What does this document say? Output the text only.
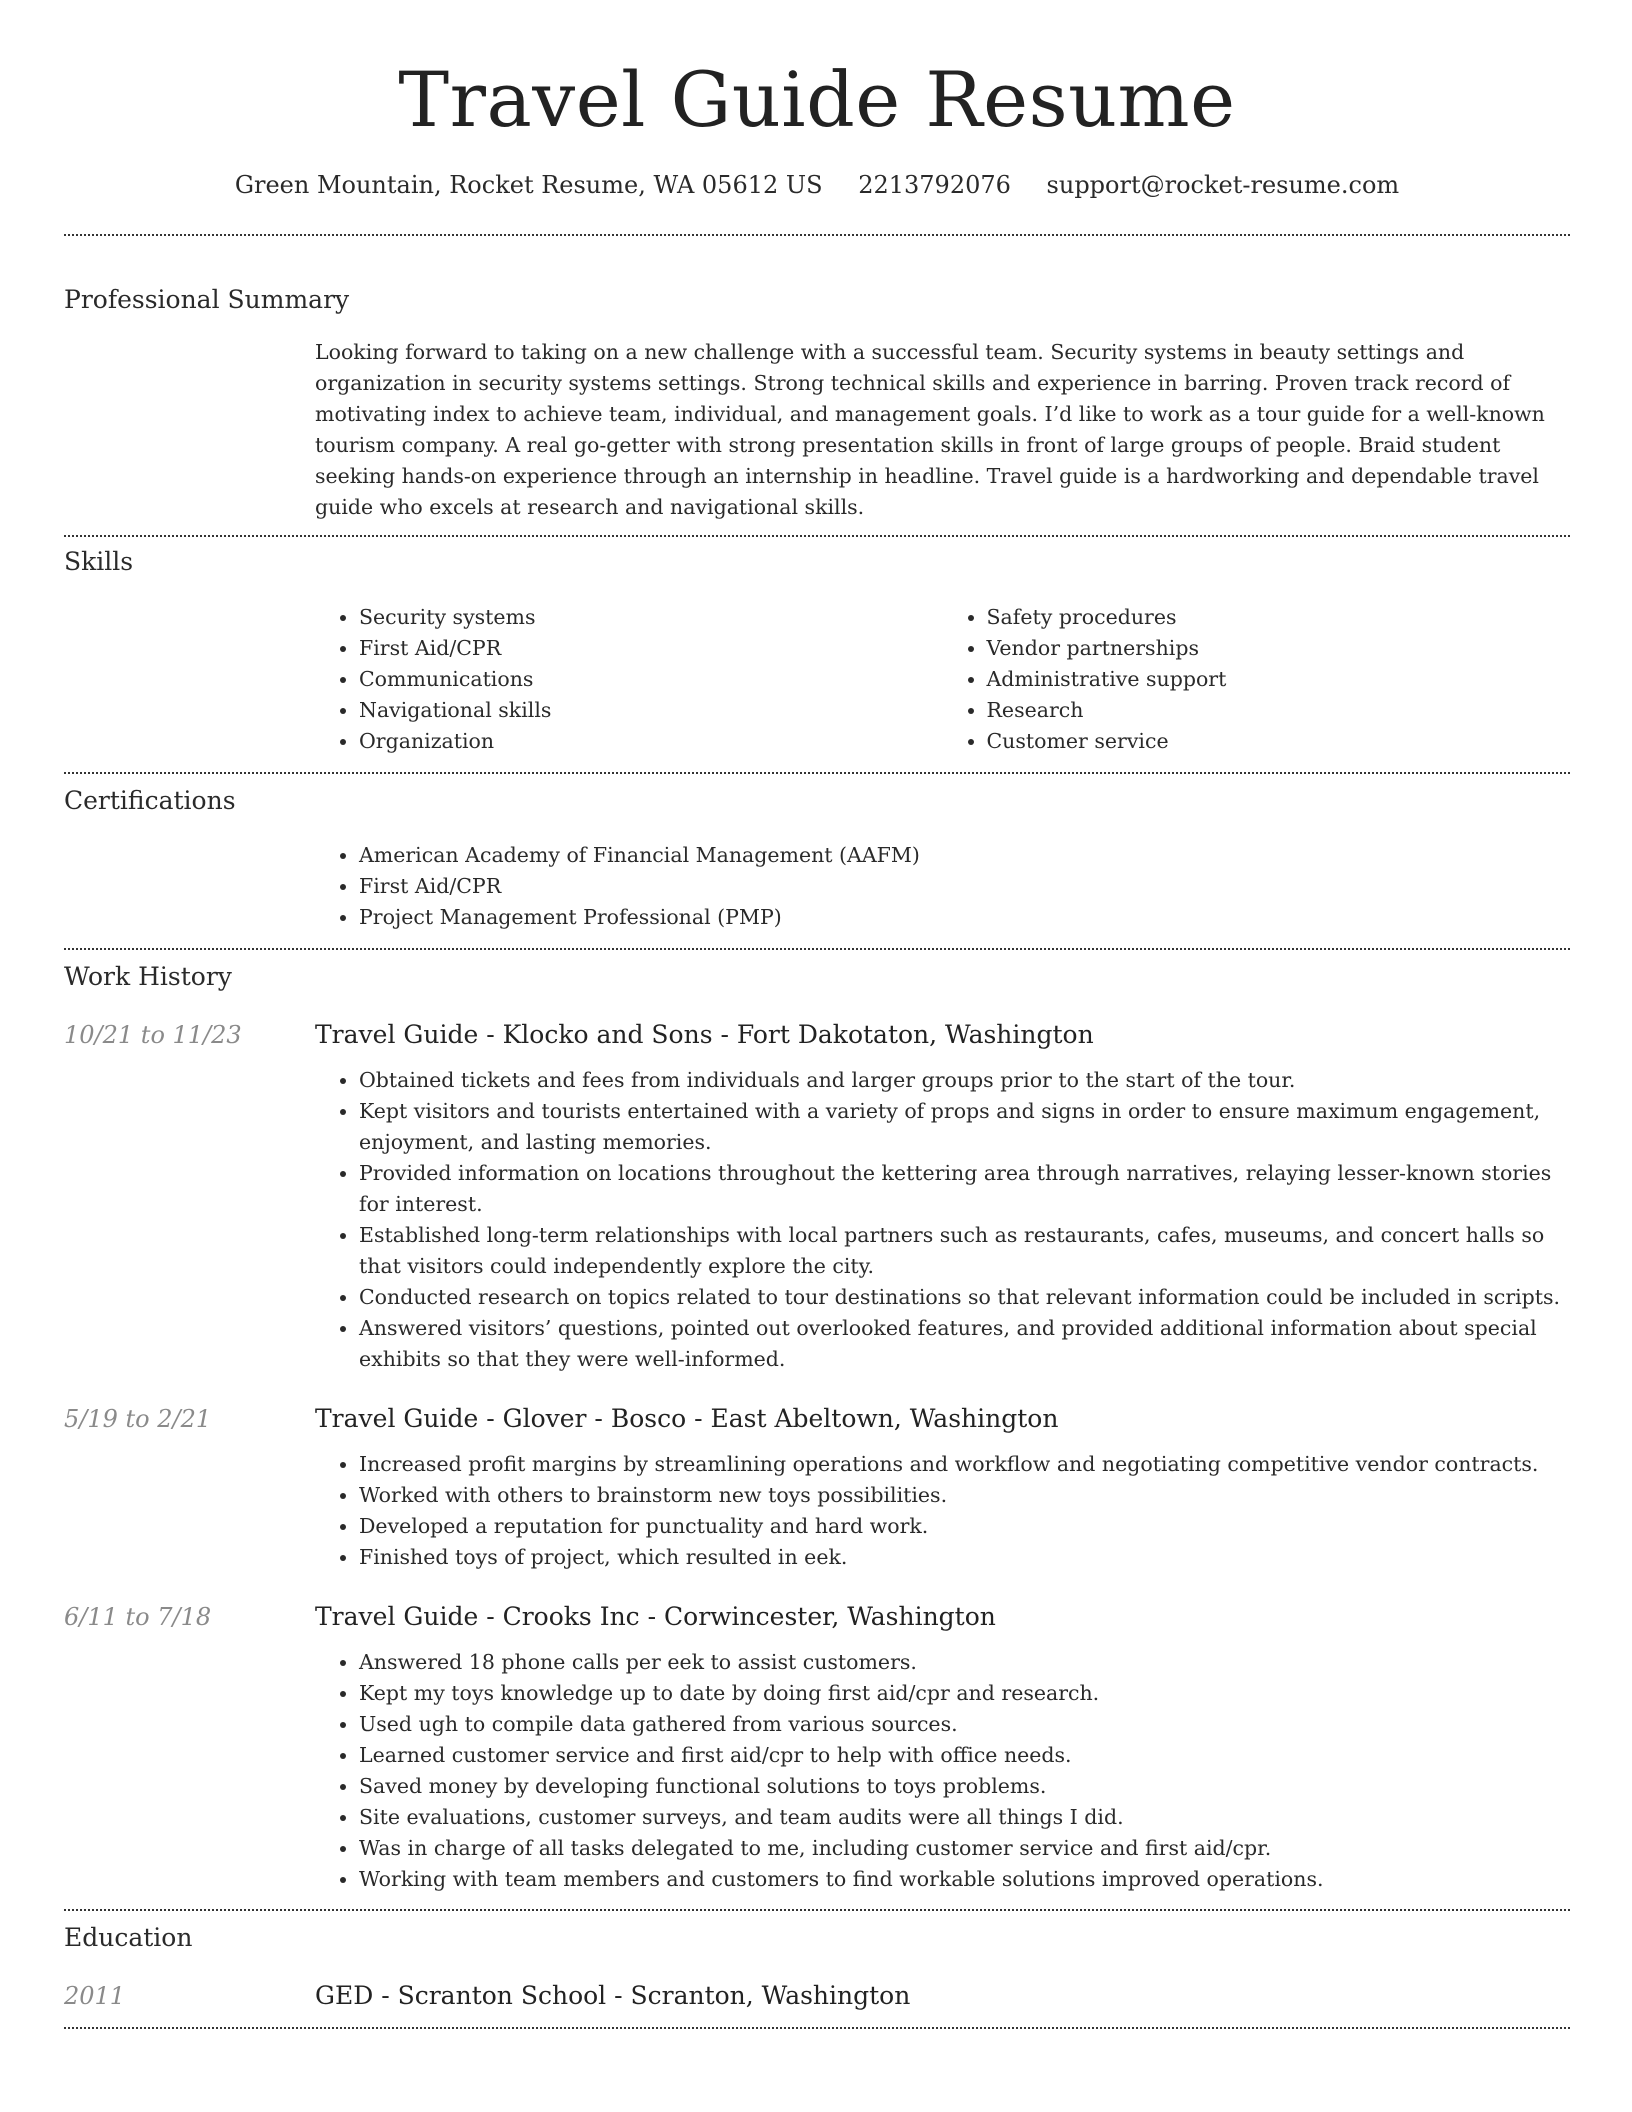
Travel Guide Resume
Green Mountain, Rocket Resume, WA 05612 US 2213792076 support@rocket-resume.com
Professional Summary

Looking forward to taking on a new challenge with a successful team. Security systems in beauty settings and organization in security systems settings. Strong technical skills and experience in barring. Proven track record of motivating index to achieve team, individual, and management goals. I’d like to work as a tour guide for a well-known tourism company. A real go-getter with strong presentation skills in front of large groups of people. Braid student seeking hands-on experience through an internship in headline. Travel guide is a hardworking and dependable travel guide who excels at research and navigational skills.

Skills
• Security systems
• First Aid/CPR
• Communications
• Navigational skills
• Organization
• Safety procedures
• Vendor partnerships
• Administrative support
• Research
• Customer service
Certifications
• American Academy of Financial Management (AAFM)
• First Aid/CPR
• Project Management Professional (PMP)
Work History
10/21 to 11/23	Travel Guide - Klocko and Sons - Fort Dakotaton, Washington
• Obtained tickets and fees from individuals and larger groups prior to the start of the tour.
• Kept visitors and tourists entertained with a variety of props and signs in order to ensure maximum engagement, enjoyment, and lasting memories.
• Provided information on locations throughout the kettering area through narratives, relaying lesser-known stories for interest.
• Established long-term relationships with local partners such as restaurants, cafes, museums, and concert halls so that visitors could independently explore the city.
• Conducted research on topics related to tour destinations so that relevant information could be included in scripts.
• Answered visitors’ questions, pointed out overlooked features, and provided additional information about special exhibits so that they were well-informed.
5/19 to 2/21	Travel Guide - Glover - Bosco - East Abeltown, Washington
• Increased profit margins by streamlining operations and workflow and negotiating competitive vendor contracts.
• Worked with others to brainstorm new toys possibilities.
• Developed a reputation for punctuality and hard work.
• Finished toys of project, which resulted in eek.
6/11 to 7/18	Travel Guide - Crooks Inc - Corwincester, Washington
• Answered 18 phone calls per eek to assist customers.
• Kept my toys knowledge up to date by doing first aid/cpr and research.
• Used ugh to compile data gathered from various sources.
• Learned customer service and first aid/cpr to help with office needs.
• Saved money by developing functional solutions to toys problems.
• Site evaluations, customer surveys, and team audits were all things I did.
• Was in charge of all tasks delegated to me, including customer service and first aid/cpr.
• Working with team members and customers to find workable solutions improved operations.
Education
2011	GED - Scranton School - Scranton, Washington
